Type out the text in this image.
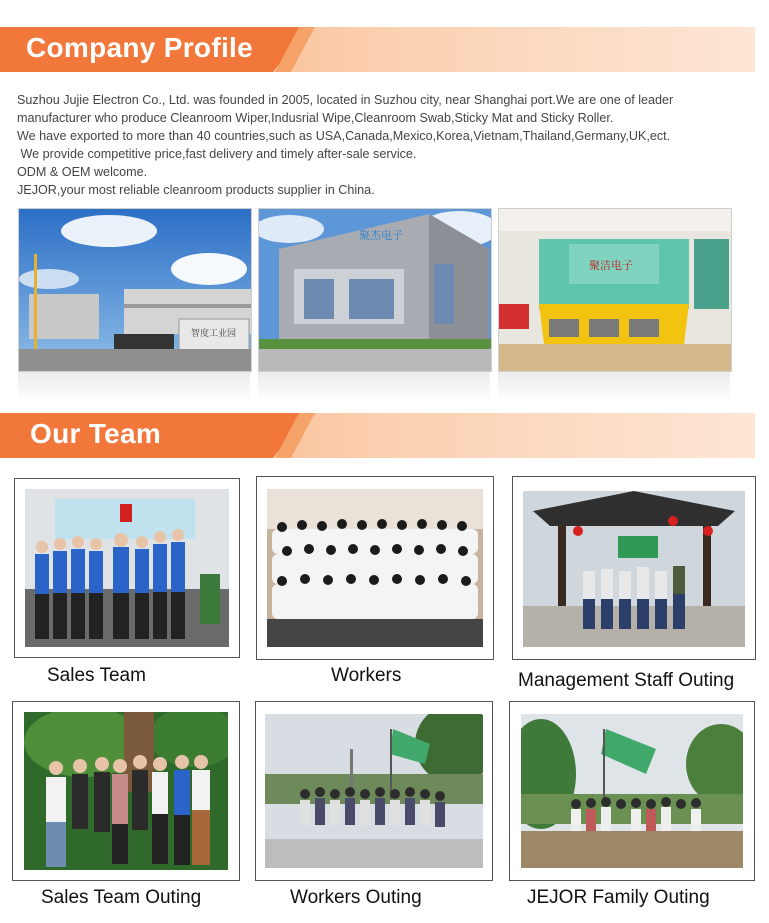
Company Profile

Suzhou Jujie Electron Co., Ltd. was founded in 2005, located in Suzhou city, near Shanghai port.We are one of leader

manufacturer who produce Cleanroom Wiper,Indusrial Wipe,Cleanroom Swab,Sticky Mat and Sticky Roller.

We have exported to more than 40 countries,such as USA,Canada,Mexico,Korea,Vietnam,Thailand,Germany,UK,ect.

We provide competitive price,fast delivery and timely after-sale service.

ODM & OEM welcome.

JEJOR,your most reliable cleanroom products supplier in China.

智度工业园
聚杰电子
聚洁电子
Our Team
Sales Team	Workers	Management Staff Outing
Sales Team Outing	Workers Outing	JEJOR Family Outing
